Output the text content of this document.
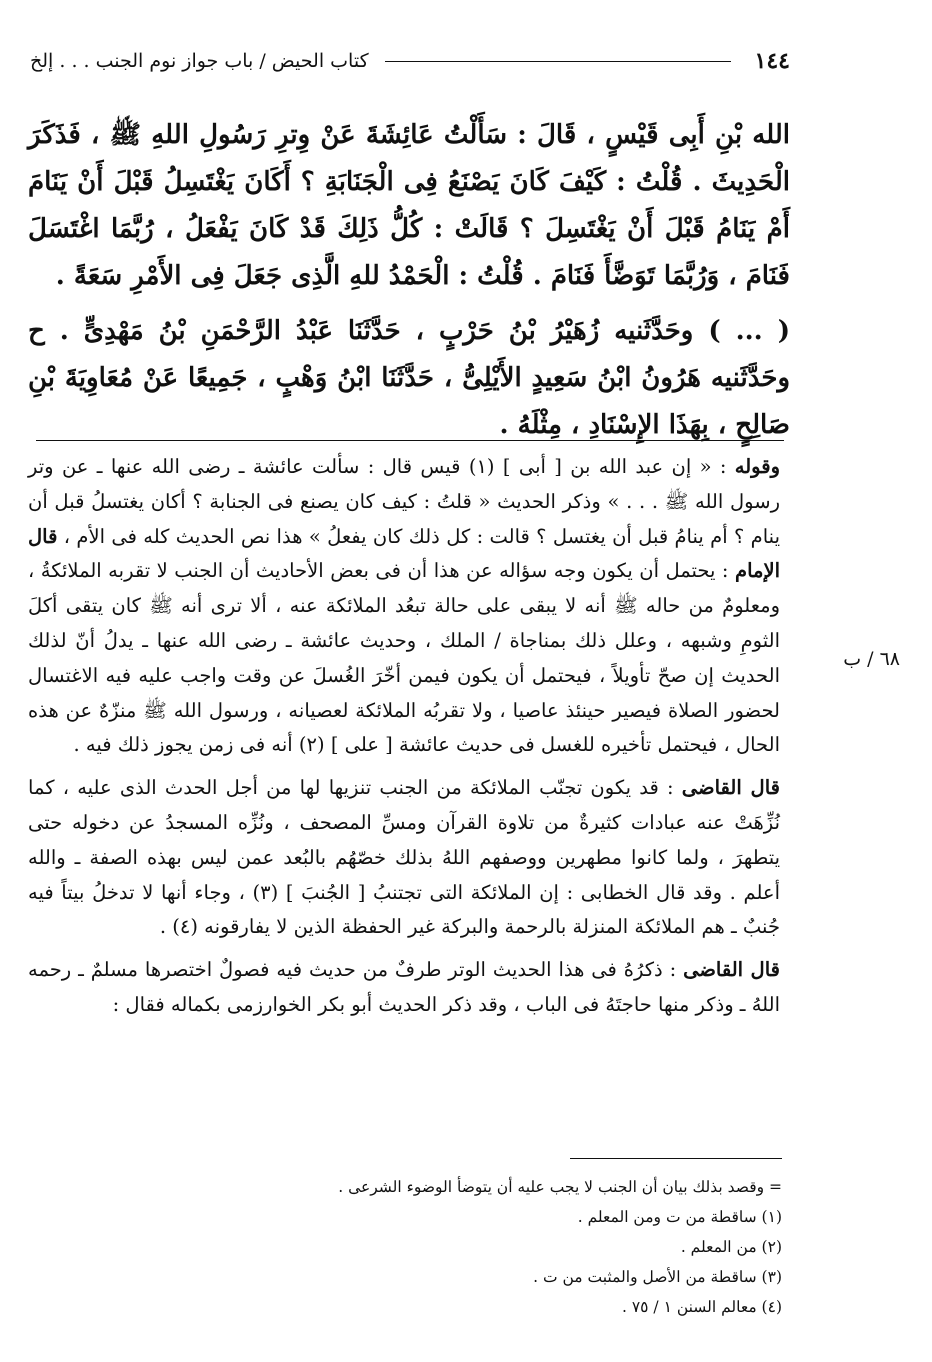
١٤٤
كتاب الحيض / باب جواز نوم الجنب . . . إلخ

الله بْنِ أَبِى قَيْسٍ ، قَالَ : سَأَلْتُ عَائِشَةَ عَنْ وِترِ رَسُولِ اللهِ ﷺ ، فَذَكَرَ الْحَدِيثَ . قُلْتُ : كَيْفَ كَانَ يَصْنَعُ فِى الْجَنَابَةِ ؟ أَكَانَ يَغْتَسِلُ قَبْلَ أَنْ يَنَامَ أَمْ يَنَامُ قَبْلَ أَنْ يَغْتَسِلَ ؟ قَالَتْ : كُلُّ ذَلِكَ قَدْ كَانَ يَفْعَلُ ، رُبَّمَا اغْتَسَلَ فَنَامَ ، وَرُبَّمَا تَوَضَّأَ فَنَامَ . قُلْتُ : الْحَمْدُ للهِ الَّذِى جَعَلَ فِى الأَمْرِ سَعَةً .

( ... ) وحَدَّثَنيه زُهَيْرُ بْنُ حَرْبٍ ، حَدَّثَنَا عَبْدُ الرَّحْمَنِ بْنُ مَهْدِىٍّ . ح وحَدَّثَنيه هَرُونُ ابْنُ سَعِيدٍ الأَيْلِىُّ ، حَدَّثَنَا ابْنُ وَهْبٍ ، جَمِيعًا عَنْ مُعَاوِيَةَ بْنِ صَالِحٍ ، بِهَذَا الإِسْنَادِ ، مِثْلَهُ .

وقوله : « إن عبد الله بن [ أبى ] (١) قيس قال : سألت عائشة ـ رضى الله عنها ـ عن وتر رسول الله ﷺ . . . » وذكر الحديث « قلتُ : كيف كان يصنع فى الجنابة ؟ أكان يغتسلُ قبل أن ينام ؟ أم ينامُ قبل أن يغتسل ؟ قالت : كل ذلك كان يفعلُ » هذا نص الحديث كله فى الأم ، قال الإمام : يحتمل أن يكون وجه سؤاله عن هذا أن فى بعض الأحاديث أن الجنب لا تقربه الملائكةُ ، ومعلومٌ من حاله ﷺ أنه لا يبقى على حالة تبعُد الملائكة عنه ، ألا ترى أنه ﷺ كان يتقى أكلَ الثومِ وشبهه ، وعلل ذلك بمناجاة / الملك ، وحديث عائشة ـ رضى الله عنها ـ يدلُ أنّ لذلك الحديث إن صحّ تأويلاً ، فيحتمل أن يكون فيمن أخّرَ الغُسلَ عن وقت واجب عليه فيه الاغتسال لحضور الصلاة فيصير حينئذ عاصيا ، ولا تقربُه الملائكة لعصيانه ، ورسول الله ﷺ منزّهٌ عن هذه الحال ، فيحتمل تأخيره للغسل فى حديث عائشة [ على ] (٢) أنه فى زمن يجوز ذلك فيه .

قال القاضى : قد يكون تجنّب الملائكة من الجنب تنزيها لها من أجل الحدث الذى عليه ، كما نُزِّهَتْ عنه عبادات كثيرةٌ من تلاوة القرآن ومسِّ المصحف ، ونُزِّه المسجدُ عن دخوله حتى يتطهرَ ، ولما كانوا مطهرين ووصفهم اللهُ بذلك خصّهُم بالبُعد عمن ليس بهذه الصفة ـ والله أعلم . وقد قال الخطابى : إن الملائكة التى تجتنبُ [ الجُنبَ ] (٣) ، وجاء أنها لا تدخلُ بيتاً فيه جُنبٌ ـ هم الملائكة المنزلة بالرحمة والبركة غير الحفظة الذين لا يفارقونه (٤) .

قال القاضى : ذكرُهُ فى هذا الحديث الوتر طرفٌ من حديث فيه فصولٌ اختصرها مسلمٌ ـ رحمه اللهُ ـ وذكر منها حاجتَهُ فى الباب ، وقد ذكر الحديث أبو بكر الخوارزمى بكماله فقال :

٦٨ / ب
= وقصد بذلك بيان أن الجنب لا يجب عليه أن يتوضأ الوضوء الشرعى .
(١) ساقطة من ت ومن المعلم .
(٢) من المعلم .
(٣) ساقطة من الأصل والمثبت من ت .
(٤) معالم السنن ١ / ٧٥ .
